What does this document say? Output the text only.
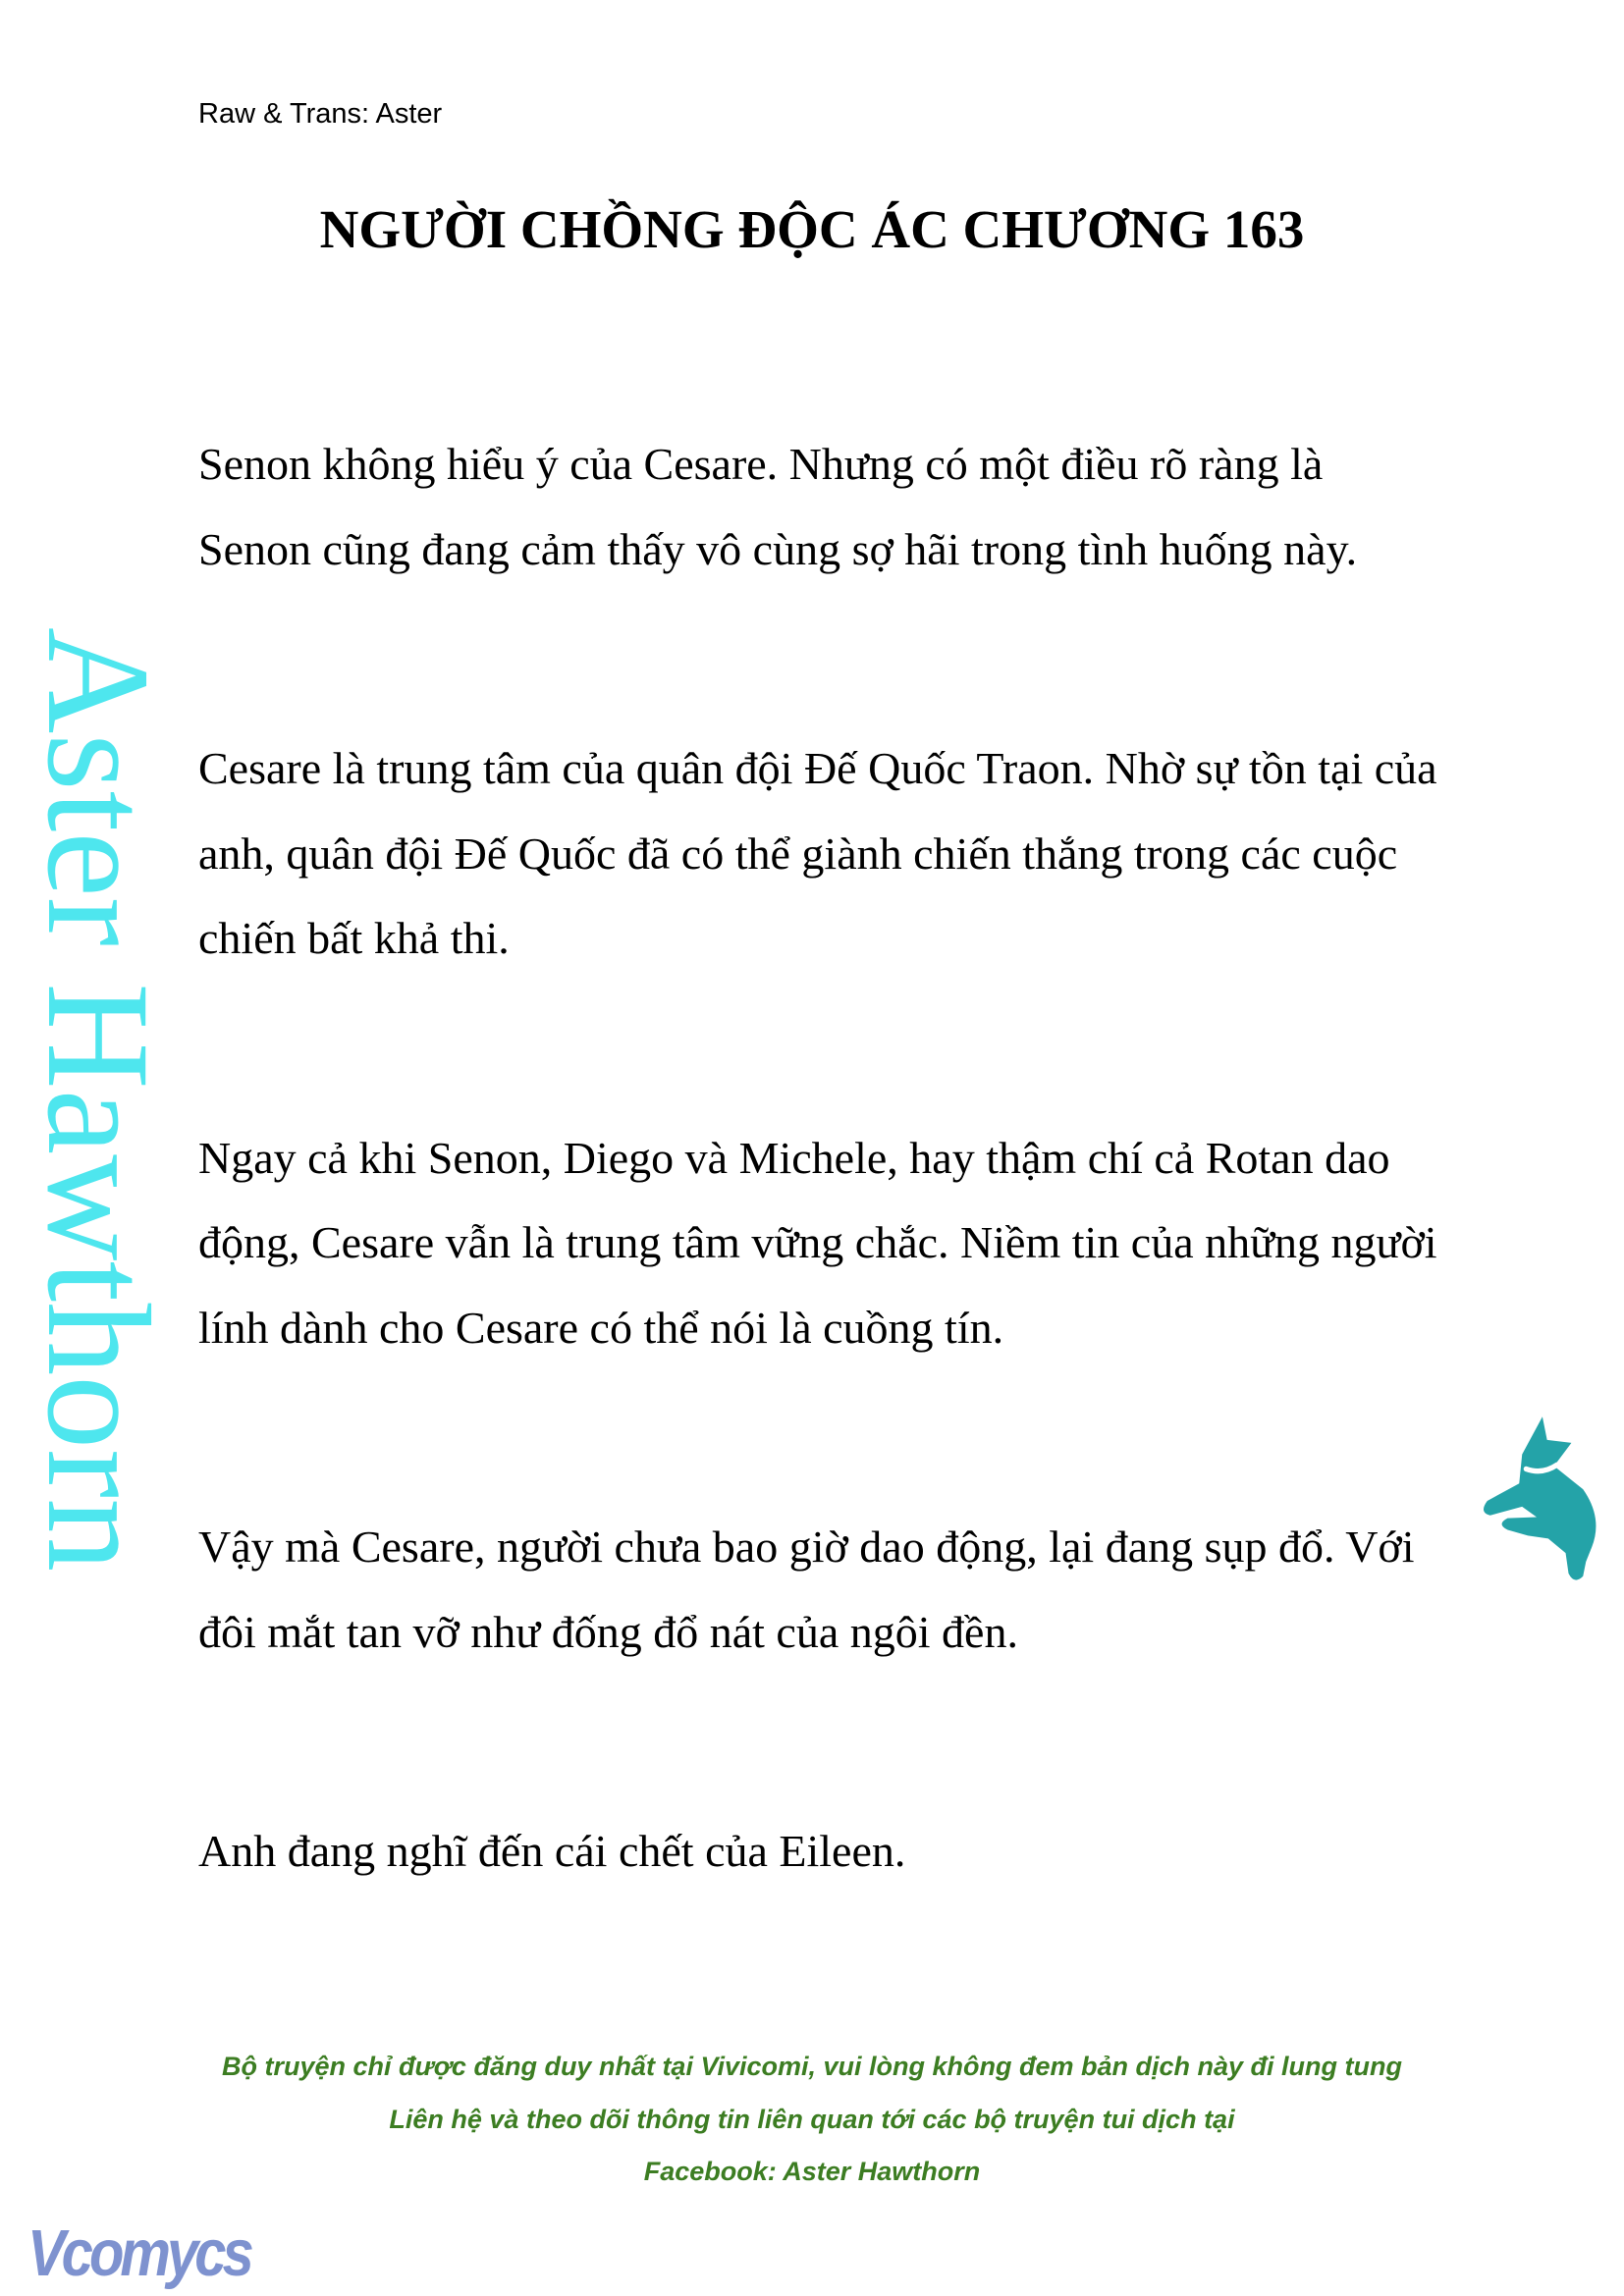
Raw & Trans: Aster
NGƯỜI CHỒNG ĐỘC ÁC CHƯƠNG 163

Senon không hiểu ý của Cesare. Nhưng có một điều rõ ràng là Senon cũng đang cảm thấy vô cùng sợ hãi trong tình huống này.

Cesare là trung tâm của quân đội Đế Quốc Traon. Nhờ sự tồn tại của anh, quân đội Đế Quốc đã có thể giành chiến thắng trong các cuộc chiến bất khả thi.

Ngay cả khi Senon, Diego và Michele, hay thậm chí cả Rotan dao động, Cesare vẫn là trung tâm vững chắc. Niềm tin của những người lính dành cho Cesare có thể nói là cuồng tín.

Vậy mà Cesare, người chưa bao giờ dao động, lại đang sụp đổ. Với đôi mắt tan vỡ như đống đổ nát của ngôi đền.

Anh đang nghĩ đến cái chết của Eileen.

Aster Hawthorn
Bộ truyện chỉ được đăng duy nhất tại Vivicomi, vui lòng không đem bản dịch này đi lung tung
Liên hệ và theo dõi thông tin liên quan tới các bộ truyện tui dịch tại
Facebook: Aster Hawthorn
Vcomycs
